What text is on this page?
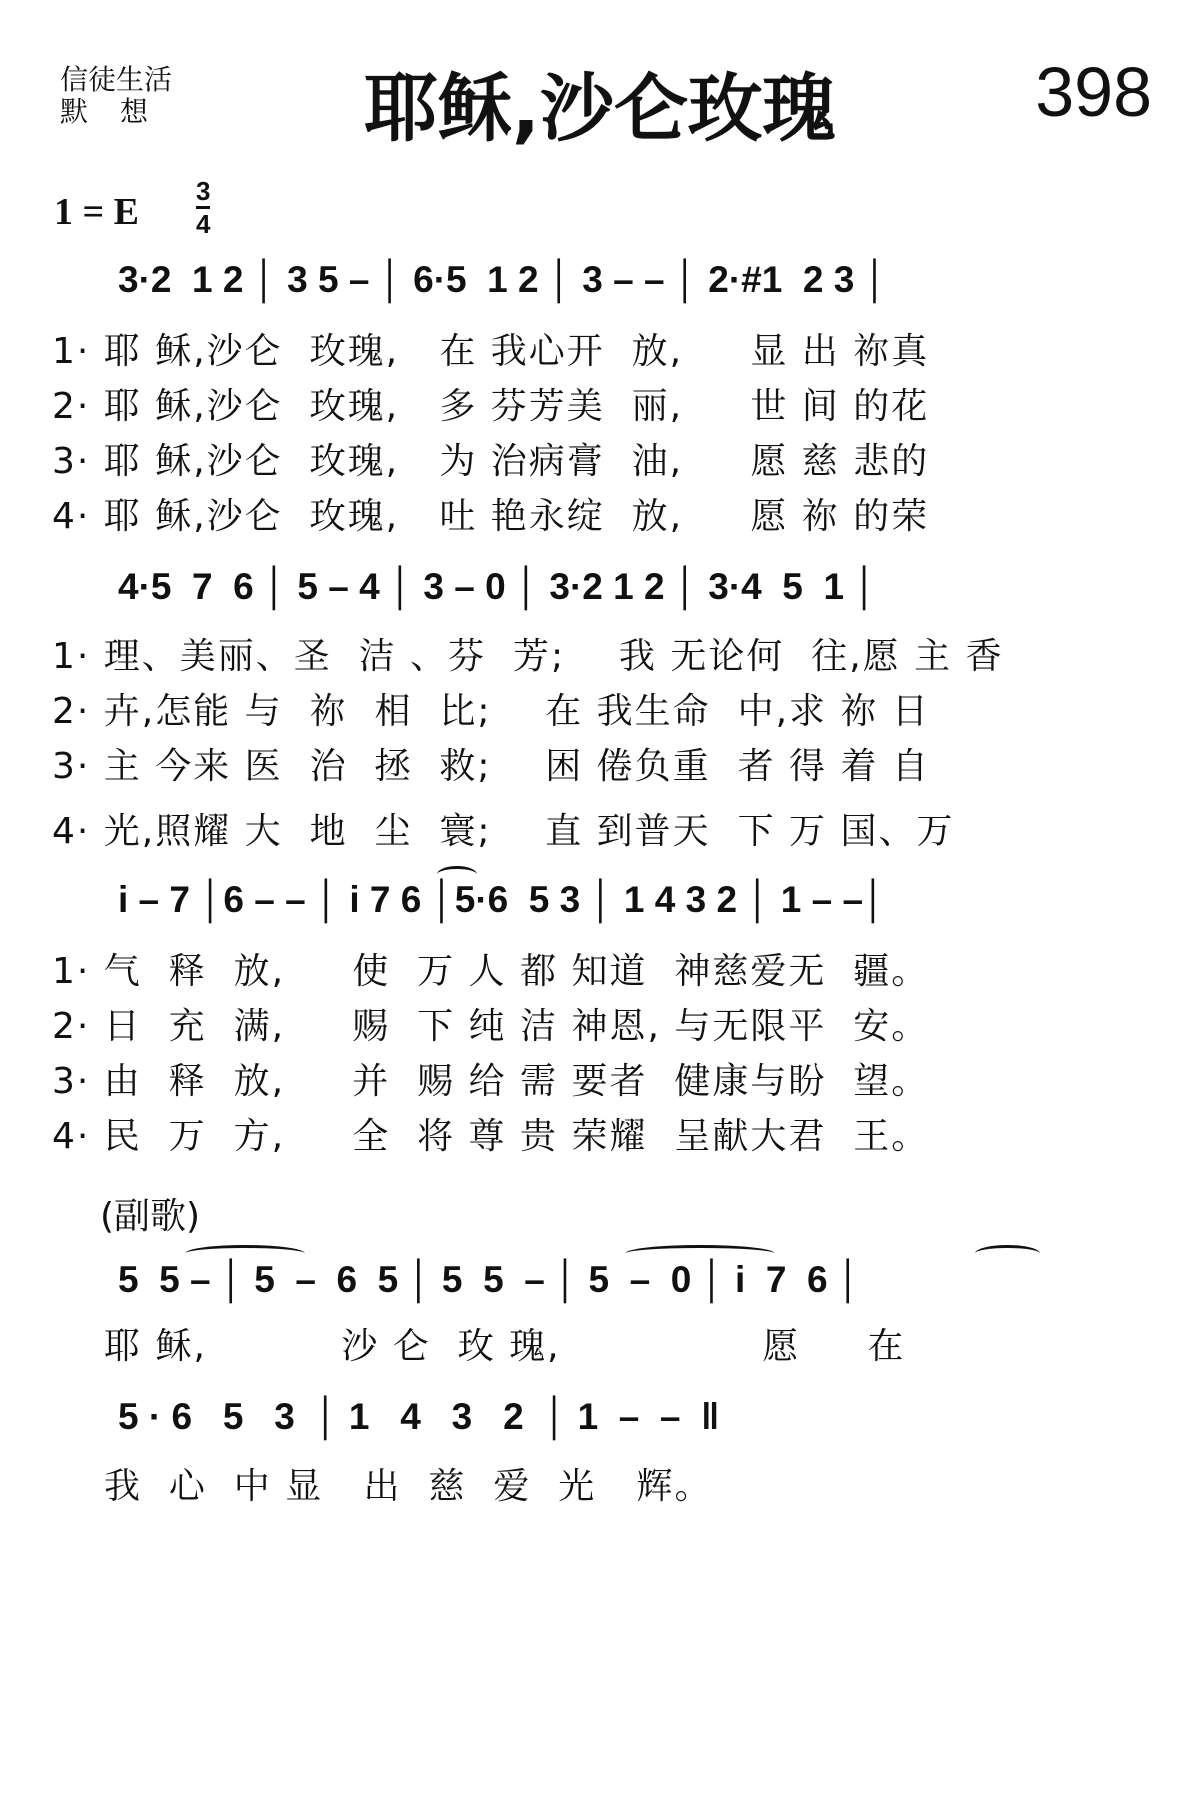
信徒生活
默　想	耶稣,沙仑玫瑰	398
1 = E $\frac{3}{4}$
3·2  1 2 │ 3 5 – │ 6·5  1 2 │ 3 – – │ 2·#1  2 3 │
1· 耶 稣,沙仑  玫瑰,   在 我心开  放,     显 出 祢真
2· 耶 稣,沙仑  玫瑰,   多 芬芳美  丽,     世 间 的花
3· 耶 稣,沙仑  玫瑰,   为 治病膏  油,     愿 慈 悲的
4· 耶 稣,沙仑  玫瑰,   吐 艳永绽  放,     愿 祢 的荣
4·5  7  6 │ 5 – 4 │ 3 – 0 │ 3·2 1 2 │ 3·4  5  1 │
1· 理、美丽、圣  洁 、芬  芳;    我 无论何  往,愿 主 香
2· 卉,怎能 与  祢  相  比;    在 我生命  中,求 祢 日
3· 主 今来 医  治  拯  救;    困 倦负重  者 得 着 自
4· 光,照耀 大  地  尘  寰;    直 到普天  下 万 国、万
i – 7 │6 – – │ i 7 6 │5·6  5 3 │ 1 4 3 2 │ 1 – –│
1· 气  释  放,     使  万 人 都 知道  神慈爱无  疆。
2· 日  充  满,     赐  下 纯 洁 神恩, 与无限平  安。
3· 由  释  放,     并  赐 给 需 要者  健康与盼  望。
4· 民  万  方,     全  将 尊 贵 荣耀  呈献大君  王。
(副歌)
5  5 – │ 5  –  6  5 │ 5  5  – │ 5  –  0 │ i  7  6 │
耶 稣,          沙 仑  玫 瑰,               愿     在
5 · 6   5   3  │ 1   4   3   2  │ 1  –  –  ‖
我  心  中 显   出  慈  爱  光   辉。
